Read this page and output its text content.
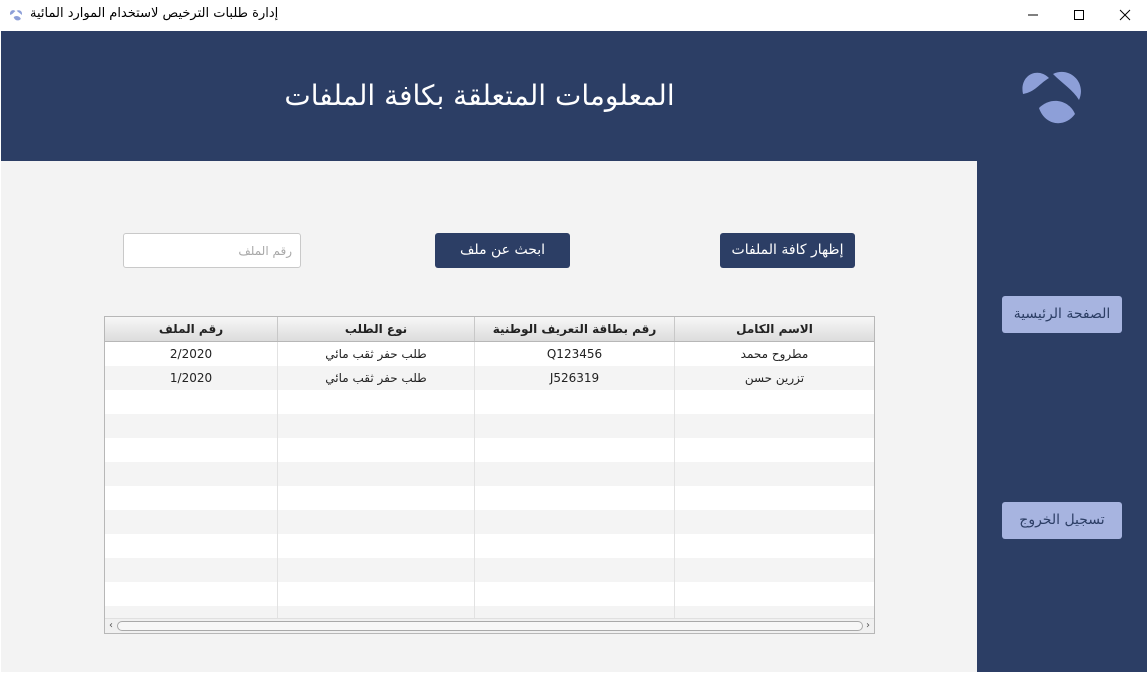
إدارة طلبات الترخيص لاستخدام الموارد المائية
المعلومات المتعلقة بكافة الملفات
إظهار كافة الملفات
ابحث عن ملف
رقم الملف
رقم الملف	نوع الطلب	رقم بطاقة التعريف الوطنية	الاسم الكامل
2/2020	طلب حفر ثقب مائي	Q123456	مطروح محمد
1/2020	طلب حفر ثقب مائي	J526319	تزرين حسن
‹	›
الصفحة الرئيسية
تسجيل الخروج
